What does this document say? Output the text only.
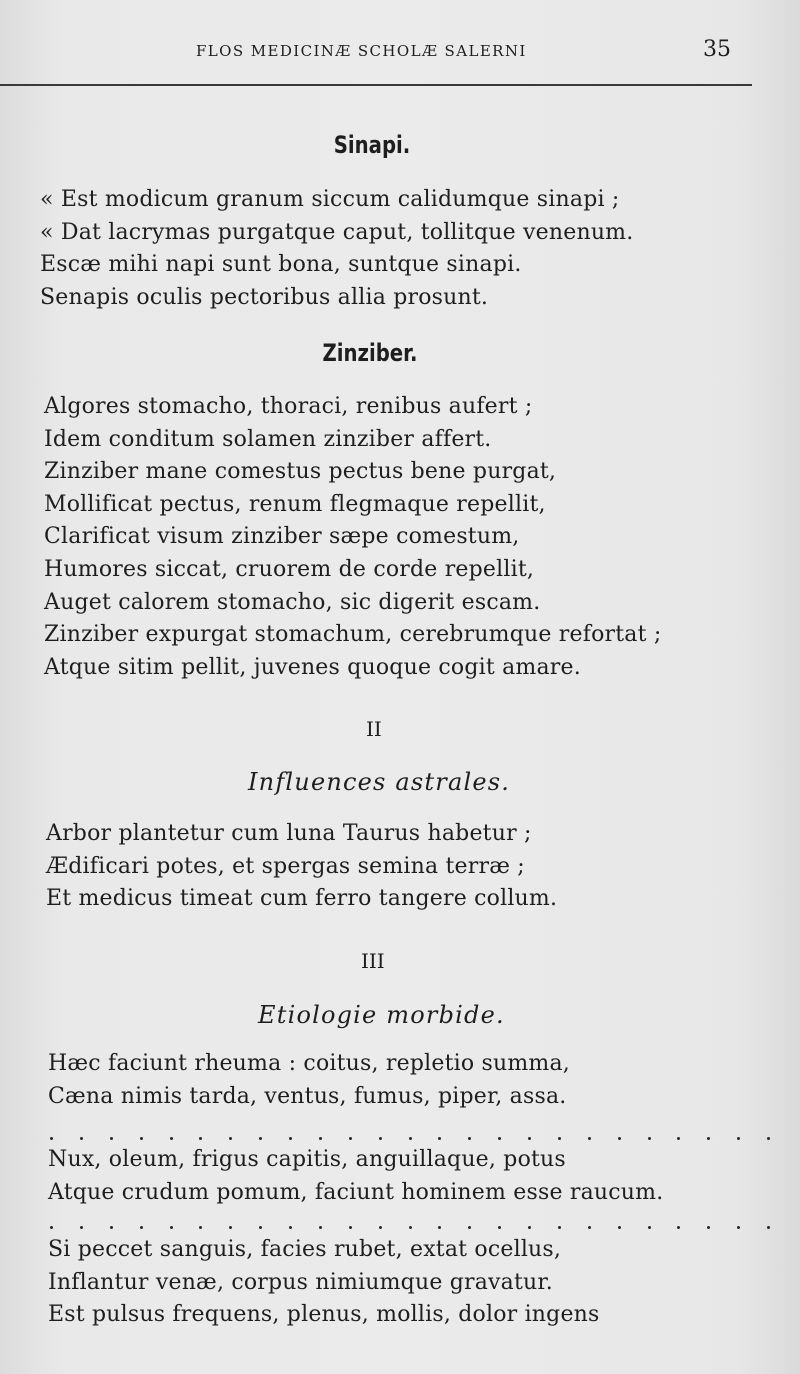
FLOS MEDICINÆ SCHOLÆ SALERNI	35
Sinapi.
« Est modicum granum siccum calidumque sinapi ;
« Dat lacrymas purgatque caput, tollitque venenum.
Escæ mihi napi sunt bona, suntque sinapi.
Senapis oculis pectoribus allia prosunt.
Zinziber.
Algores stomacho, thoraci, renibus aufert ;
Idem conditum solamen zinziber affert.
Zinziber mane comestus pectus bene purgat,
Mollificat pectus, renum flegmaque repellit,
Clarificat visum zinziber sæpe comestum,
Humores siccat, cruorem de corde repellit,
Auget calorem stomacho, sic digerit escam.
Zinziber expurgat stomachum, cerebrumque refortat ;
Atque sitim pellit, juvenes quoque cogit amare.
II
Influences astrales.
Arbor plantetur cum luna Taurus habetur ;
Ædificari potes, et spergas semina terræ ;
Et medicus timeat cum ferro tangere collum.
III
Etiologie morbide.
Hæc faciunt rheuma : coitus, repletio summa,
Cæna nimis tarda, ventus, fumus, piper, assa.
Nux, oleum, frigus capitis, anguillaque, potus
Atque crudum pomum, faciunt hominem esse raucum.
Si peccet sanguis, facies rubet, extat ocellus,
Inflantur venæ, corpus nimiumque gravatur.
Est pulsus frequens, plenus, mollis, dolor ingens
